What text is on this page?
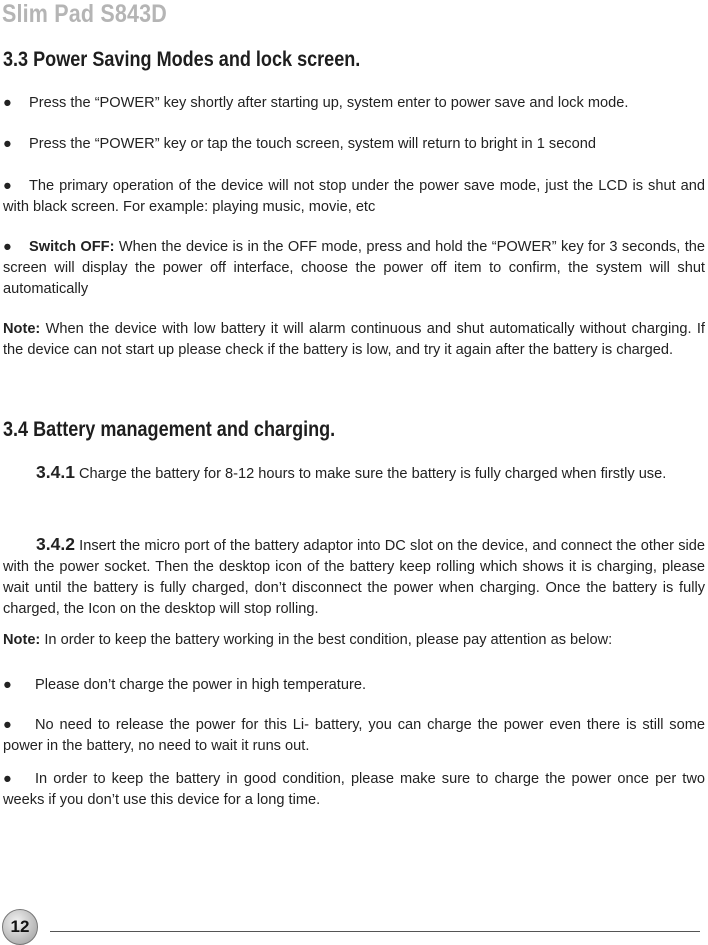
Slim Pad S843D
3.3 Power Saving Modes and lock screen.
● Press the “POWER” key shortly after starting up, system enter to power save and lock mode.
● Press the “POWER” key or tap the touch screen, system will return to bright in 1 second
● The primary operation of the device will not stop under the power save mode, just the LCD is shut and with black screen. For example: playing music, movie, etc
● Switch OFF: When the device is in the OFF mode, press and hold the “POWER” key for 3 seconds, the screen will display the power off interface, choose the power off item to confirm, the system will shut automatically
Note: When the device with low battery it will alarm continuous and shut automatically without charging. If the device can not start up please check if the battery is low, and try it again after the battery is charged.
3.4 Battery management and charging.
3.4.1 Charge the battery for 8-12 hours to make sure the battery is fully charged when firstly use.
3.4.2 Insert the micro port of the battery adaptor into DC slot on the device, and connect the other side with the power socket. Then the desktop icon of the battery keep rolling which shows it is charging, please wait until the battery is fully charged, don’t disconnect the power when charging. Once the battery is fully charged, the Icon on the desktop will stop rolling.
Note: In order to keep the battery working in the best condition, please pay attention as below:
● Please don’t charge the power in high temperature.
● No need to release the power for this Li- battery, you can charge the power even there is still some power in the battery, no need to wait it runs out.
● In order to keep the battery in good condition, please make sure to charge the power once per two weeks if you don’t use this device for a long time.
12
